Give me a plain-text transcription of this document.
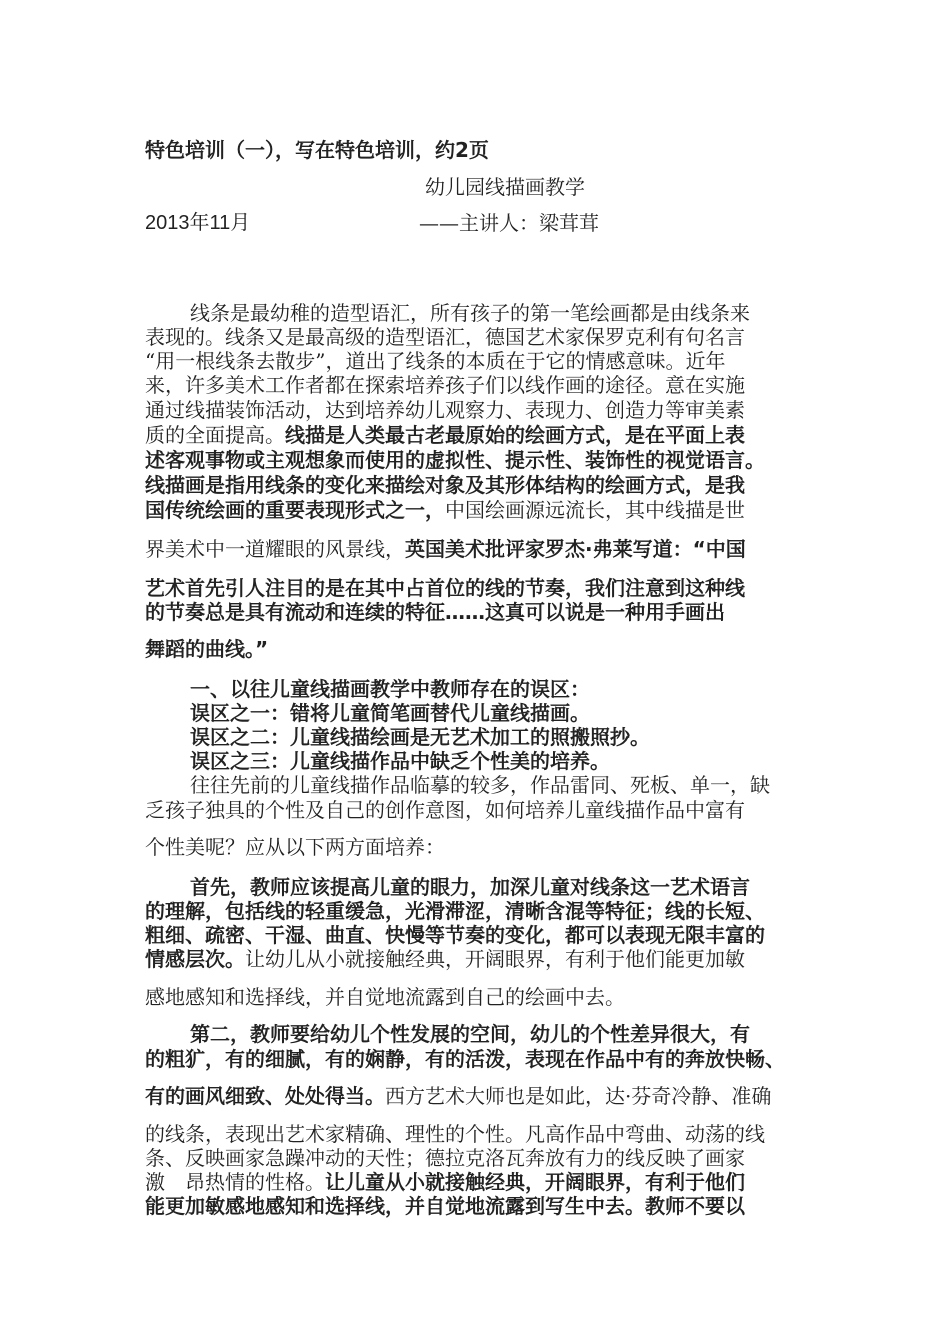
特色培训（一），写在特色培训，约2页
幼儿园线描画教学
2013年11月	——主讲人：梁茸茸
线条是最幼稚的造型语汇，所有孩子的第一笔绘画都是由线条来
表现的。线条又是最高级的造型语汇，德国艺术家保罗克利有句名言
“用一根线条去散步”，道出了线条的本质在于它的情感意味。近年
来，许多美术工作者都在探索培养孩子们以线作画的途径。意在实施
通过线描装饰活动，达到培养幼儿观察力、表现力、创造力等审美素
质的全面提高。线描是人类最古老最原始的绘画方式，是在平面上表
述客观事物或主观想象而使用的虚拟性、提示性、装饰性的视觉语言。
线描画是指用线条的变化来描绘对象及其形体结构的绘画方式，是我
国传统绘画的重要表现形式之一，中国绘画源远流长，其中线描是世
界美术中一道耀眼的风景线，英国美术批评家罗杰·弗莱写道：“中国
艺术首先引人注目的是在其中占首位的线的节奏，我们注意到这种线
的节奏总是具有流动和连续的特征……这真可以说是一种用手画出
舞蹈的曲线。”
一、以往儿童线描画教学中教师存在的误区：
误区之一：错将儿童简笔画替代儿童线描画。
误区之二：儿童线描绘画是无艺术加工的照搬照抄。
误区之三：儿童线描作品中缺乏个性美的培养。
往往先前的儿童线描作品临摹的较多，作品雷同、死板、单一，缺
乏孩子独具的个性及自己的创作意图，如何培养儿童线描作品中富有
个性美呢？应从以下两方面培养：
首先，教师应该提高儿童的眼力，加深儿童对线条这一艺术语言
的理解，包括线的轻重缓急，光滑滞涩，清晰含混等特征；线的长短、
粗细、疏密、干湿、曲直、快慢等节奏的变化，都可以表现无限丰富的
情感层次。让幼儿从小就接触经典，开阔眼界，有利于他们能更加敏
感地感知和选择线，并自觉地流露到自己的绘画中去。
第二，教师要给幼儿个性发展的空间，幼儿的个性差异很大，有
的粗犷，有的细腻，有的娴静，有的活泼，表现在作品中有的奔放快畅、
有的画风细致、处处得当。西方艺术大师也是如此，达·芬奇冷静、准确
的线条，表现出艺术家精确、理性的个性。凡高作品中弯曲、动荡的线
条、反映画家急躁冲动的天性；德拉克洛瓦奔放有力的线反映了画家
激　昂热情的性格。让儿童从小就接触经典，开阔眼界，有利于他们
能更加敏感地感知和选择线，并自觉地流露到写生中去。教师不要以
